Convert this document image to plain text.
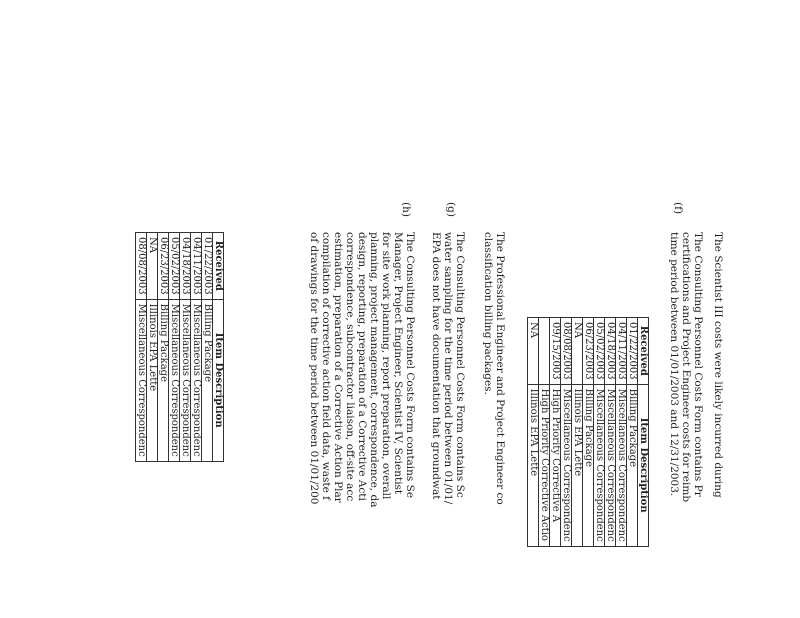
The Scientist III costs were likely incurred during
(f)
The Consulting Personnel Costs Form contains Pr
certifications and Project Engineer costs for reimb
time period between 01/01/2003 and 12/31/2003.
Received	Item Description
01/22/2003	Billing Package
04/11/2003	Miscellaneous Correspondenc
04/18/2003	Miscellaneous Correspondenc
05/02/2003	Miscellaneous Correspondenc
06/23/2003	Billing Package
NA	Illinois EPA Lette
08/08/2003	Miscellaneous Correspondenc
09/15/2003	High Priority Corrective A
	High Priority Corrective Actio
NA	Illinois EPA Lette
The Professional Engineer and Project Engineer co
classification billing packages.
(g)
The Consulting Personnel Costs Form contains Sc
water sampling for the time period between 01/01/
EPA does not have documentation that groundwat
(h)
The Consulting Personnel Costs Form contains Se
Manager, Project Engineer, Scientist IV, Scientist
for site work planning, report preparation, overall
planning, project management, correspondence, da
design, reporting, preparation of a Corrective Acti
correspondence, subcontractor liaison, off-site acc
estimation, preparation of a Corrective Action Plar
compilation of corrective action field data, waste f
of drawings for the time period between 01/01/200
Received	Item Description
01/22/2003	Billing Package
04/11/2003	Miscellaneous Correspondenc
04/18/2003	Miscellaneous Correspondenc
05/02/2003	Miscellaneous Correspondenc
06/23/2003	Billing Package
NA	Illinois EPA Lette
08/08/2003	Miscellaneous Correspondenc
